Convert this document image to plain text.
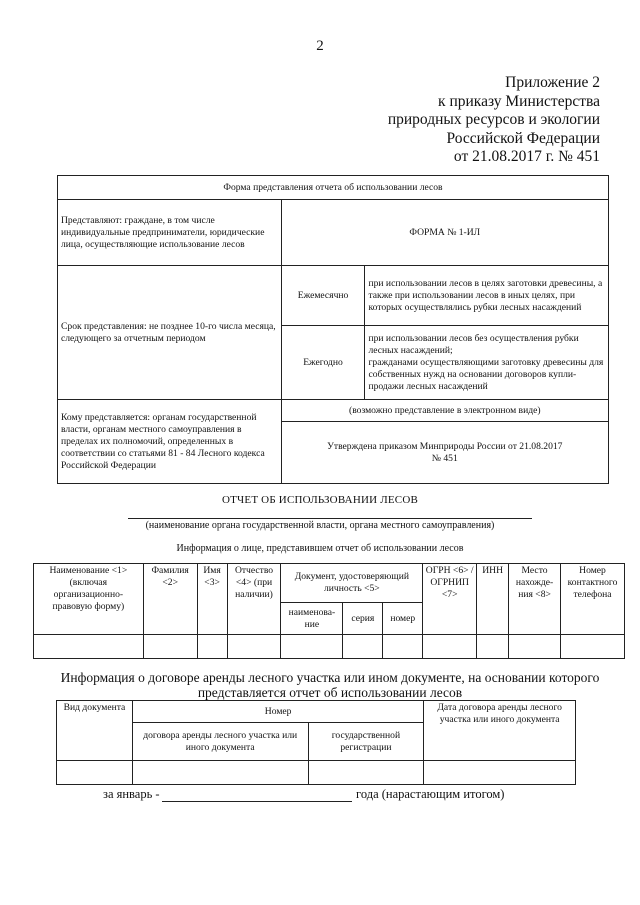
2
Приложение 2
к приказу Министерства
природных ресурсов и экологии
Российской Федерации
от 21.08.2017 г. № 451
Форма представления отчета об использовании лесов		
Представляют: граждане, в том числе индивидуальные предприниматели, юридические лица, осуществляющие использование лесов	ФОРМА № 1-ИЛ	
Срок представления: не позднее 10-го числа месяца, следующего за отчетным периодом	Ежемесячно	при использовании лесов в целях заготовки древесины, а также при использовании лесов в иных целях, при которых осуществлялись рубки лесных насаждений
	Ежегодно	при использовании лесов без осуществления рубки лесных насаждений;
гражданами осуществляющими заготовку древесины для собственных нужд на основании договоров купли-продажи лесных насаждений

Кому представляется: органам государственной власти, органам местного самоуправления в пределах их полномочий, определенных в соответствии со статьями 81 - 84 Лесного кодекса Российской Федерации	(возможно представление в электронном виде)	
	Утверждена приказом Минприроды России от 21.08.2017 № 451	
ОТЧЕТ ОБ ИСПОЛЬЗОВАНИИ ЛЕСОВ
(наименование органа государственной власти, органа местного самоуправления)
Информация о лице, представившем отчет об использовании лесов
Наименование <1> (включая организационно-правовую форму)	Фамилия <2>	Имя <3>	Отчество <4> (при наличии)	Документ, удостоверяющий личность <5>			ОГРН <6> / ОГРНИП <7>	ИНН	Место нахожде-ния <8>	Номер контактного телефона
				наименова-ние	серия	номер				

Информация о договоре аренды лесного участка или ином документе, на основании которого представляется отчет об использовании лесов
Вид документа	Номер		Дата договора аренды лесного участка или иного документа
	договора аренды лесного участка или иного документа	государственной регистрации	

за январь -	года (нарастающим итогом)
